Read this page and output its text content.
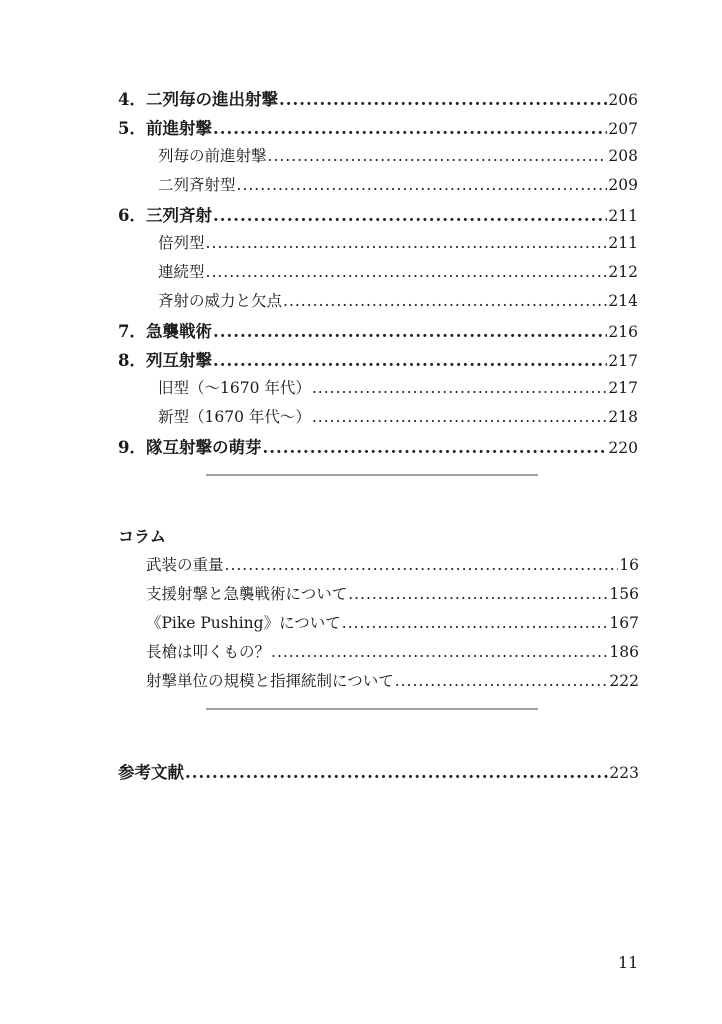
4．二列毎の進出射撃 .....	206
5．前進射撃 .....	207
列毎の前進射撃 .....	208
二列斉射型 .....	209
6．三列斉射 .....	211
倍列型 .....	211
連続型 .....	212
斉射の威力と欠点 .....	214
7．急襲戦術 .....	216
8．列互射撃 .....	217
旧型（～1670 年代） .....	217
新型（1670 年代～） .....	218
9．隊互射撃の萌芽 .....	220
コラム
武装の重量 .....	16
支援射撃と急襲戦術について .....	156
《Pike Pushing》について .....	167
長槍は叩くもの？ .....	186
射撃単位の規模と指揮統制について .....	222
参考文献 .....	223
11
